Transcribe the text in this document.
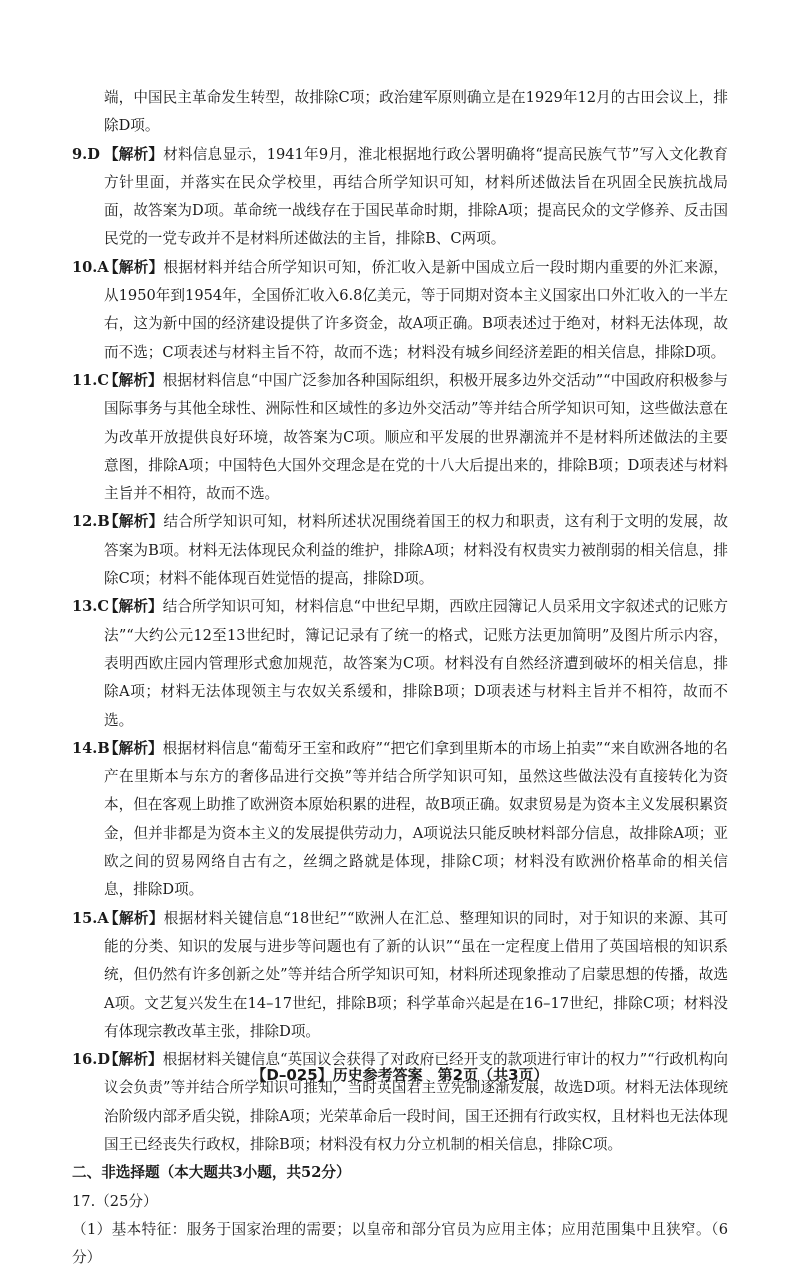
端，中国民主革命发生转型，故排除C项；政治建军原则确立是在1929年12月的古田会议上，排除D项。

9.D 【解析】材料信息显示，1941年9月，淮北根据地行政公署明确将“提高民族气节”写入文化教育方针里面，并落实在民众学校里，再结合所学知识可知，材料所述做法旨在巩固全民族抗战局面，故答案为D项。革命统一战线存在于国民革命时期，排除A项；提高民众的文学修养、反击国民党的一党专政并不是材料所述做法的主旨，排除B、C两项。

10.A
【解析】根据材料并结合所学知识可知，侨汇收入是新中国成立后一段时期内重要的外汇来源，从1950年到1954年，全国侨汇收入6.8亿美元，等于同期对资本主义国家出口外汇收入的一半左右，这为新中国的经济建设提供了许多资金，故A项正确。B项表述过于绝对，材料无法体现，故而不选；C项表述与材料主旨不符，故而不选；材料没有城乡间经济差距的相关信息，排除D项。

11.C
【解析】根据材料信息“中国广泛参加各种国际组织，积极开展多边外交活动”“中国政府积极参与国际事务与其他全球性、洲际性和区域性的多边外交活动”等并结合所学知识可知，这些做法意在为改革开放提供良好环境，故答案为C项。顺应和平发展的世界潮流并不是材料所述做法的主要意图，排除A项；中国特色大国外交理念是在党的十八大后提出来的，排除B项；D项表述与材料主旨并不相符，故而不选。

12.B
【解析】结合所学知识可知，材料所述状况围绕着国王的权力和职责，这有利于文明的发展，故答案为B项。材料无法体现民众利益的维护，排除A项；材料没有权贵实力被削弱的相关信息，排除C项；材料不能体现百姓觉悟的提高，排除D项。

13.C
【解析】结合所学知识可知，材料信息“中世纪早期，西欧庄园簿记人员采用文字叙述式的记账方法”“大约公元12至13世纪时，簿记记录有了统一的格式，记账方法更加简明”及图片所示内容，表明西欧庄园内管理形式愈加规范，故答案为C项。材料没有自然经济遭到破坏的相关信息，排除A项；材料无法体现领主与农奴关系缓和，排除B项；D项表述与材料主旨并不相符，故而不选。

14.B
【解析】根据材料信息“葡萄牙王室和政府”“把它们拿到里斯本的市场上拍卖”“来自欧洲各地的名产在里斯本与东方的奢侈品进行交换”等并结合所学知识可知，虽然这些做法没有直接转化为资本，但在客观上助推了欧洲资本原始积累的进程，故B项正确。奴隶贸易是为资本主义发展积累资金，但并非都是为资本主义的发展提供劳动力，A项说法只能反映材料部分信息，故排除A项；亚欧之间的贸易网络自古有之，丝绸之路就是体现，排除C项；材料没有欧洲价格革命的相关信息，排除D项。

15.A
【解析】根据材料关键信息“18世纪”“欧洲人在汇总、整理知识的同时，对于知识的来源、其可能的分类、知识的发展与进步等问题也有了新的认识”“虽在一定程度上借用了英国培根的知识系统，但仍然有许多创新之处”等并结合所学知识可知，材料所述现象推动了启蒙思想的传播，故选A项。文艺复兴发生在14–17世纪，排除B项；科学革命兴起是在16–17世纪，排除C项；材料没有体现宗教改革主张，排除D项。

16.D
【解析】根据材料关键信息“英国议会获得了对政府已经开支的款项进行审计的权力”“行政机构向议会负责”等并结合所学知识可推知，当时英国君主立宪制逐渐发展，故选D项。材料无法体现统治阶级内部矛盾尖锐，排除A项；光荣革命后一段时间，国王还拥有行政实权，且材料也无法体现国王已经丧失行政权，排除B项；材料没有权力分立机制的相关信息，排除C项。

二、非选择题（本大题共3小题，共52分）

17.（25分）

（1）基本特征：服务于国家治理的需要；以皇帝和部分官员为应用主体；应用范围集中且狭窄。（6分）

【D–025】历史参考答案　第2页（共3页）
